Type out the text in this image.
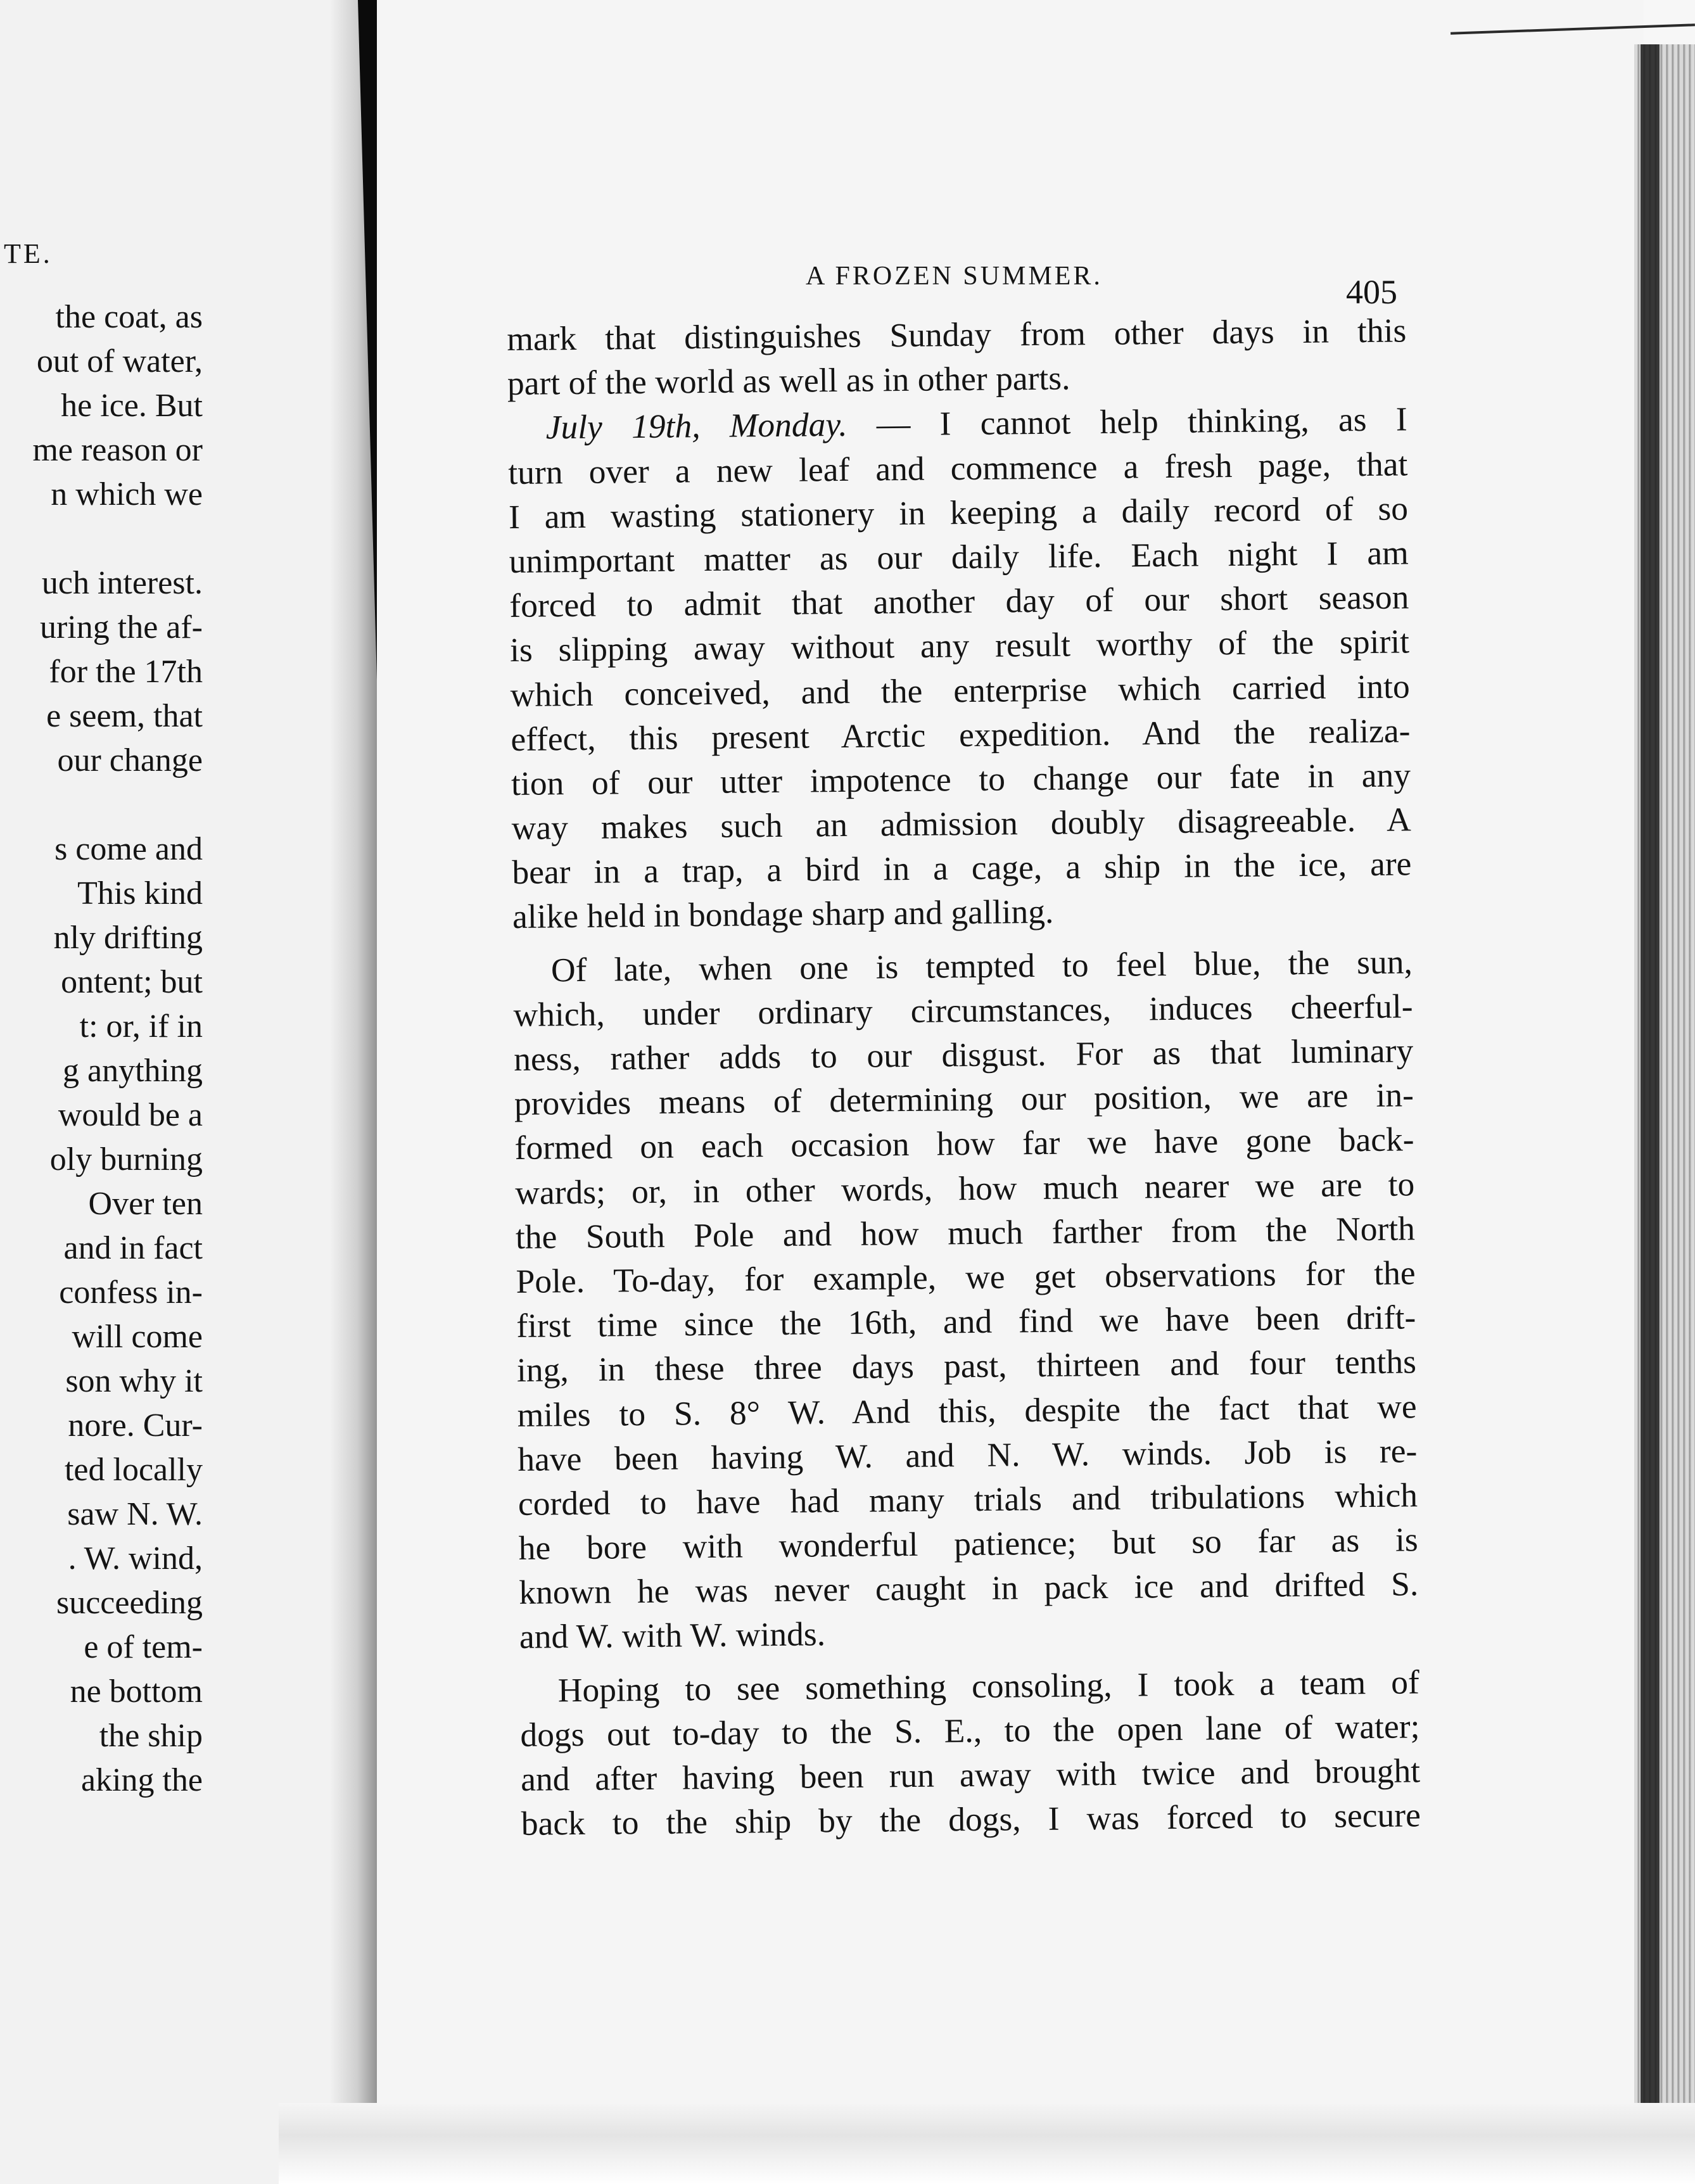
TE.

the coat, as

out of water,

he ice. But

me reason or

n which we

uch interest.

uring the af-

for the 17th

e seem, that

our change

s come and

This kind

nly drifting

ontent; but

t: or, if in

g anything

would be a

oly burning

Over ten

and in fact

confess in-

will come

son why it

nore. Cur-

ted locally

saw N. W.

. W. wind,

succeeding

e of tem-

ne bottom

the ship

aking the

A FROZEN SUMMER.	405

mark that distinguishes Sunday from other days in this

part of the world as well as in other parts.

July 19th, Monday. — I cannot help thinking, as I

turn over a new leaf and commence a fresh page, that

I am wasting stationery in keeping a daily record of so

unimportant matter as our daily life. Each night I am

forced to admit that another day of our short season

is slipping away without any result worthy of the spirit

which conceived, and the enterprise which carried into

effect, this present Arctic expedition. And the realiza-

tion of our utter impotence to change our fate in any

way makes such an admission doubly disagreeable. A

bear in a trap, a bird in a cage, a ship in the ice, are

alike held in bondage sharp and galling.

Of late, when one is tempted to feel blue, the sun,

which, under ordinary circumstances, induces cheerful-

ness, rather adds to our disgust. For as that luminary

provides means of determining our position, we are in-

formed on each occasion how far we have gone back-

wards; or, in other words, how much nearer we are to

the South Pole and how much farther from the North

Pole. To-day, for example, we get observations for the

first time since the 16th, and find we have been drift-

ing, in these three days past, thirteen and four tenths

miles to S. 8° W. And this, despite the fact that we

have been having W. and N. W. winds. Job is re-

corded to have had many trials and tribulations which

he bore with wonderful patience; but so far as is

known he was never caught in pack ice and drifted S.

and W. with W. winds.

Hoping to see something consoling, I took a team of

dogs out to-day to the S. E., to the open lane of water;

and after having been run away with twice and brought

back to the ship by the dogs, I was forced to secure
